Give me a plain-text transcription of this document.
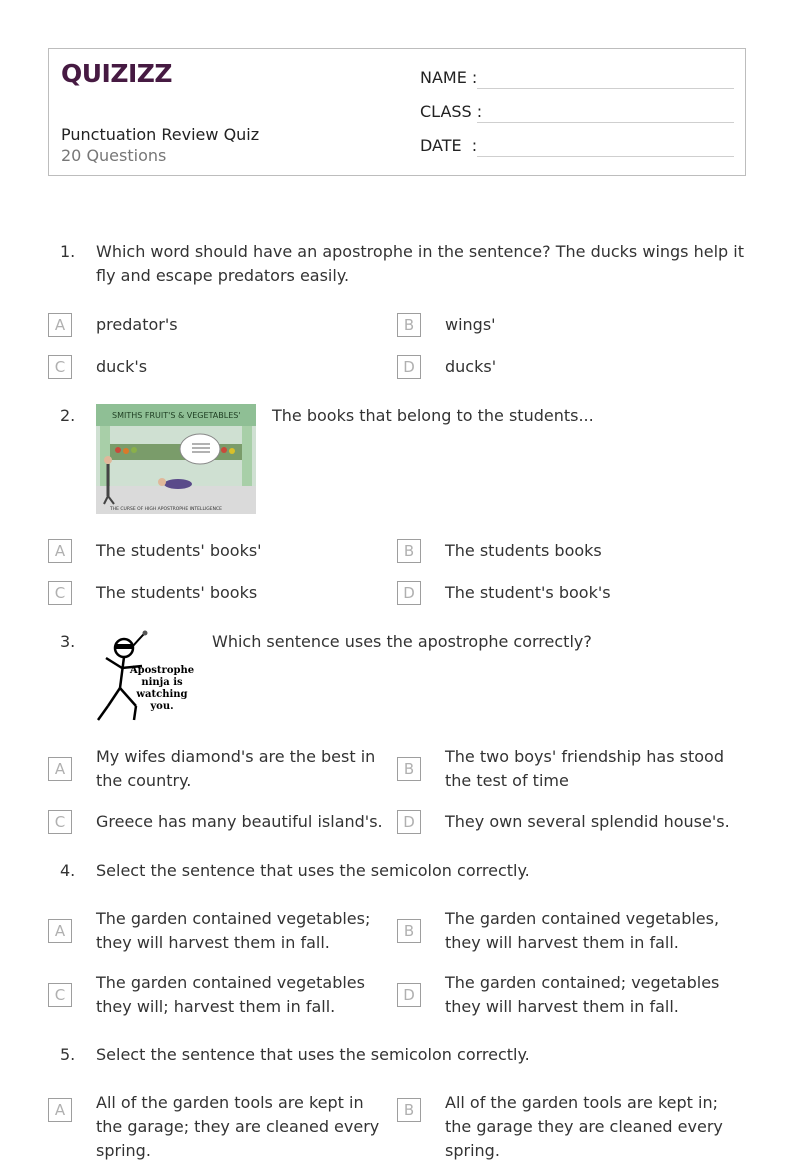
QUIZIZZ
Punctuation Review Quiz
20 Questions
NAME :
CLASS :
DATE  :
1.	Which word should have an apostrophe in the sentence? The ducks wings help it fly and escape predators easily.
A	predator's	B	wings'
C	duck's	D	ducks'
2.	SMITHS FRUIT'S & VEGETABLES'
THE CURSE OF HIGH APOSTROPHE INTELLIGENCE
The books that belong to the students...
A	The students' books'	B	The students books
C	The students' books	D	The student's book's
3.
Apostrophe
ninja is
watching
you.
Which sentence uses the apostrophe correctly?
A
My wifes diamond's are the best in the country.
B
The two boys' friendship has stood the test of time
C	Greece has many beautiful island's.	D	They own several splendid house's.
4.	Select the sentence that uses the semicolon correctly.
A
The garden contained vegetables; they will harvest them in fall.
B
The garden contained vegetables, they will harvest them in fall.
C
The garden contained vegetables they will; harvest them in fall.
D
The garden contained; vegetables they will harvest them in fall.
5.	Select the sentence that uses the semicolon correctly.
A	All of the garden tools are kept in the garage; they are cleaned every spring.
B	All of the garden tools are kept in; the garage they are cleaned every spring.
